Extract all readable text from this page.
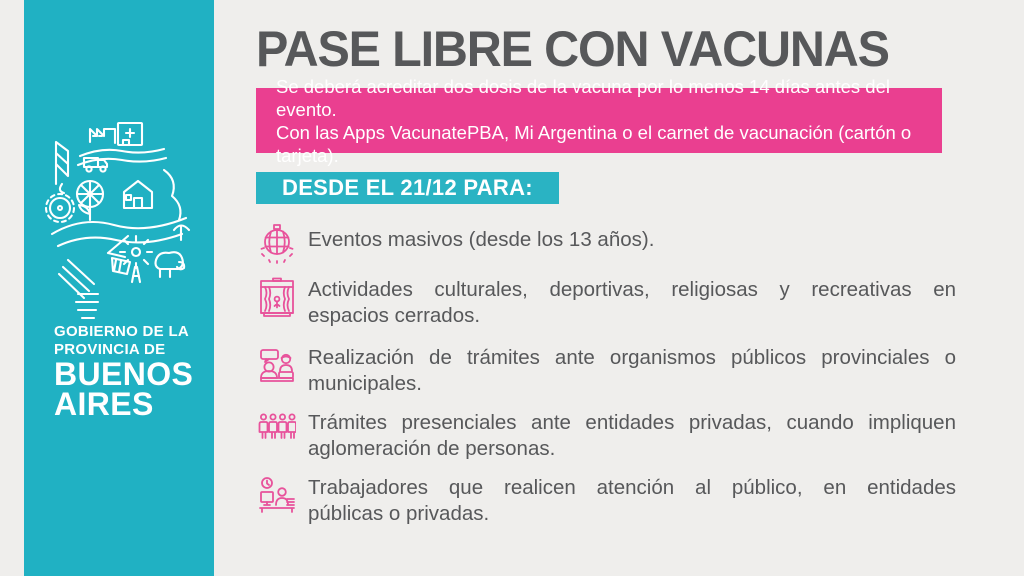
GOBIERNO DE LA
PROVINCIA DE
BUENOS
AIRES
PASE LIBRE CON VACUNAS
Se deberá acreditar dos dosis de la vacuna por lo menos 14 días antes del evento.
Con las Apps VacunatePBA, Mi Argentina o el carnet de vacunación (cartón o tarjeta).
DESDE EL 21/12 PARA:
Eventos masivos (desde los 13 años).
Actividades culturales, deportivas, religiosas y recreativas en
espacios cerrados.
Realización de trámites ante organismos públicos provinciales o
municipales.
Trámites presenciales ante entidades privadas, cuando impliquen
aglomeración de personas.
Trabajadores que realicen atención al público, en entidades
públicas o privadas.
